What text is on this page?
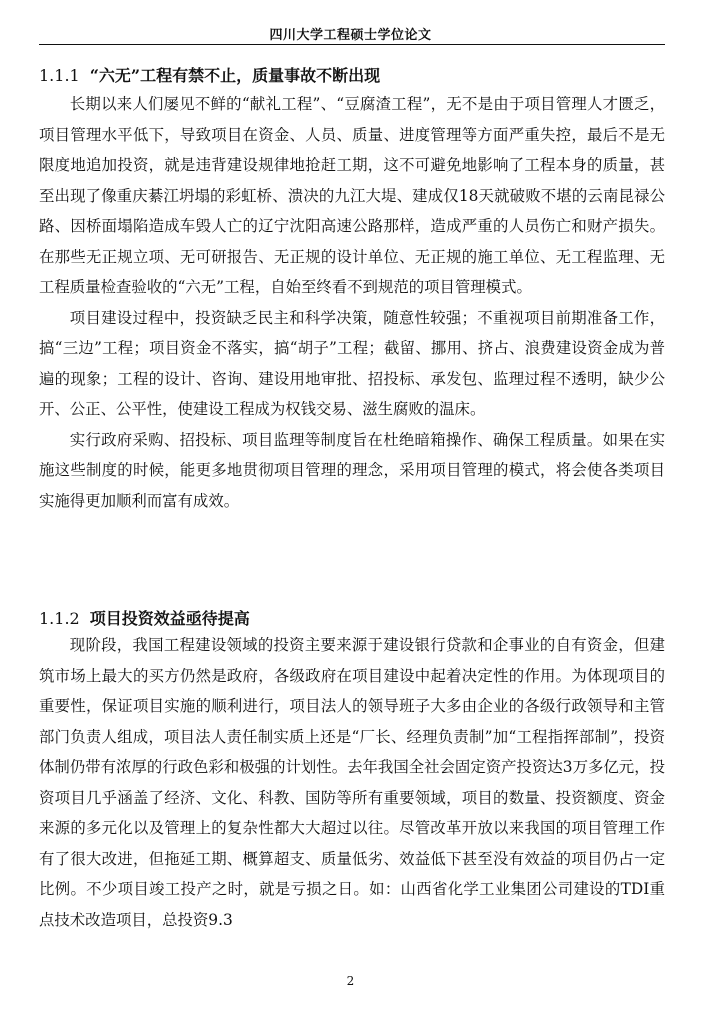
四川大学工程硕士学位论文
1.1.1 “六无”工程有禁不止，质量事故不断出现

长期以来人们屡见不鲜的“献礼工程”、“豆腐渣工程”，无不是由于项目管理人才匮乏，项目管理水平低下，导致项目在资金、人员、质量、进度管理等方面严重失控，最后不是无限度地追加投资，就是违背建设规律地抢赶工期，这不可避免地影响了工程本身的质量，甚至出现了像重庆綦江坍塌的彩虹桥、溃决的九江大堤、建成仅18天就破败不堪的云南昆禄公路、因桥面塌陷造成车毁人亡的辽宁沈阳高速公路那样，造成严重的人员伤亡和财产损失。在那些无正规立项、无可研报告、无正规的设计单位、无正规的施工单位、无工程监理、无工程质量检查验收的“六无”工程，自始至终看不到规范的项目管理模式。

项目建设过程中，投资缺乏民主和科学决策，随意性较强；不重视项目前期准备工作，搞“三边”工程；项目资金不落实，搞“胡子”工程；截留、挪用、挤占、浪费建设资金成为普遍的现象；工程的设计、咨询、建设用地审批、招投标、承发包、监理过程不透明，缺少公开、公正、公平性，使建设工程成为权钱交易、滋生腐败的温床。

实行政府采购、招投标、项目监理等制度旨在杜绝暗箱操作、确保工程质量。如果在实施这些制度的时候，能更多地贯彻项目管理的理念，采用项目管理的模式，将会使各类项目实施得更加顺利而富有成效。

1.1.2 项目投资效益亟待提高

现阶段，我国工程建设领域的投资主要来源于建设银行贷款和企事业的自有资金，但建筑市场上最大的买方仍然是政府，各级政府在项目建设中起着决定性的作用。为体现项目的重要性，保证项目实施的顺利进行，项目法人的领导班子大多由企业的各级行政领导和主管部门负责人组成，项目法人责任制实质上还是“厂长、经理负责制”加“工程指挥部制”，投资体制仍带有浓厚的行政色彩和极强的计划性。去年我国全社会固定资产投资达3万多亿元，投资项目几乎涵盖了经济、文化、科教、国防等所有重要领域，项目的数量、投资额度、资金来源的多元化以及管理上的复杂性都大大超过以往。尽管改革开放以来我国的项目管理工作有了很大改进，但拖延工期、概算超支、质量低劣、效益低下甚至没有效益的项目仍占一定比例。不少项目竣工投产之时，就是亏损之日。如：山西省化学工业集团公司建设的TDI重点技术改造项目，总投资9.3

2
